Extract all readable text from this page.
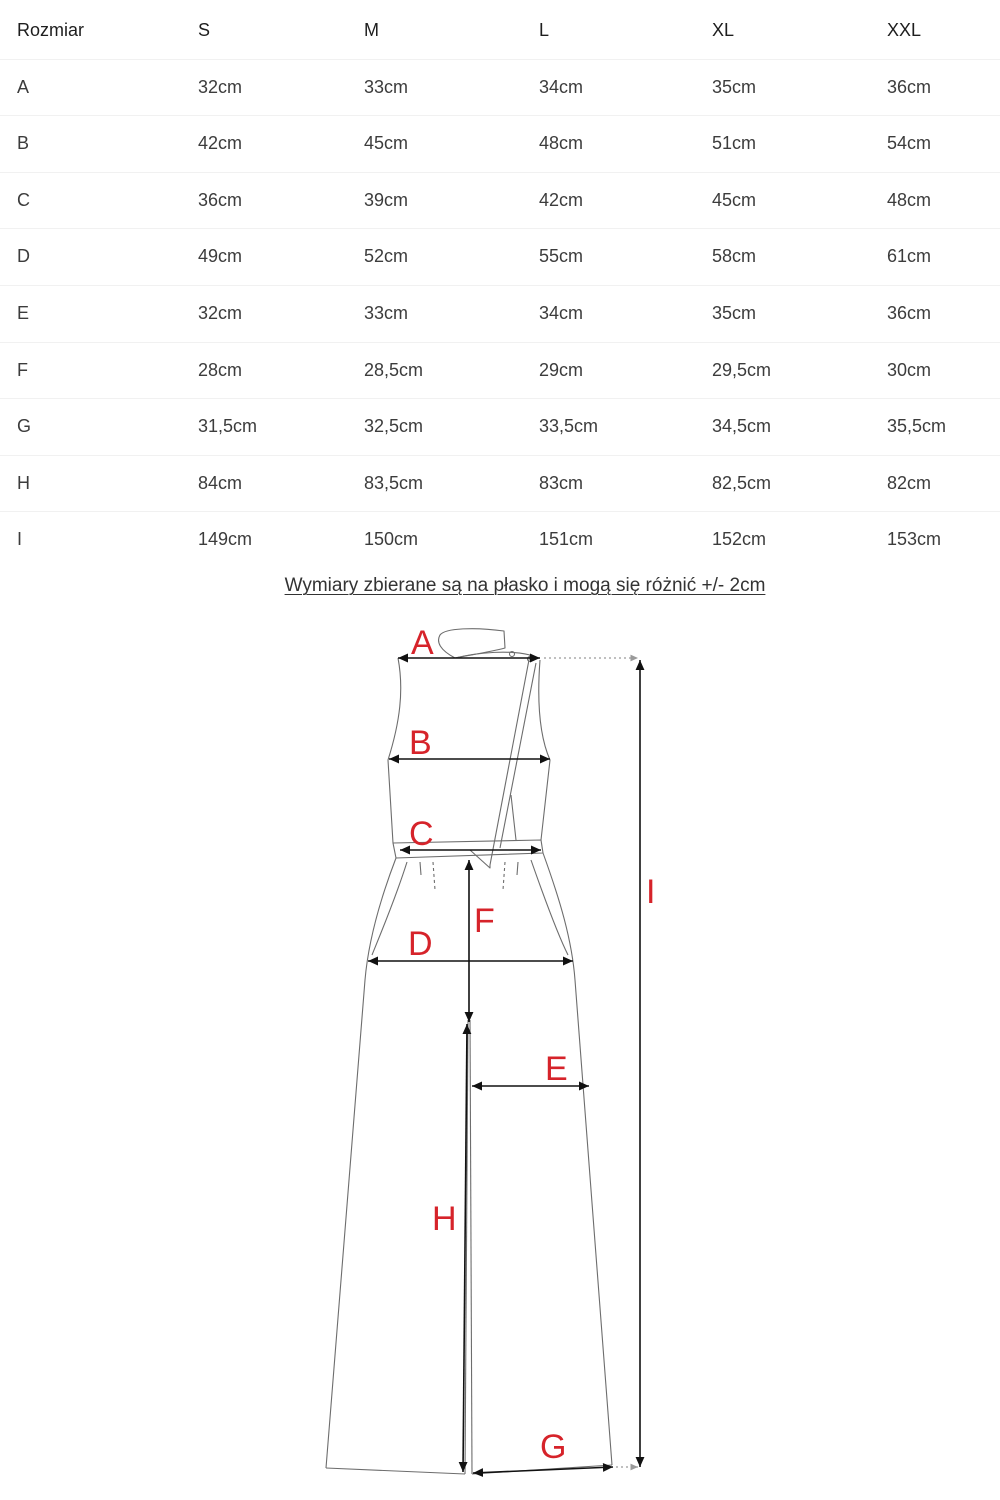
Rozmiar	S	M	L	XL	XXL
A	32cm	33cm	34cm	35cm	36cm
B	42cm	45cm	48cm	51cm	54cm
C	36cm	39cm	42cm	45cm	48cm
D	49cm	52cm	55cm	58cm	61cm
E	32cm	33cm	34cm	35cm	36cm
F	28cm	28,5cm	29cm	29,5cm	30cm
G	31,5cm	32,5cm	33,5cm	34,5cm	35,5cm
H	84cm	83,5cm	83cm	82,5cm	82cm
I	149cm	150cm	151cm	152cm	153cm
Wymiary zbierane są na płasko i mogą się różnić +/- 2cm
A
B
C
D
E
F
G
H
I
